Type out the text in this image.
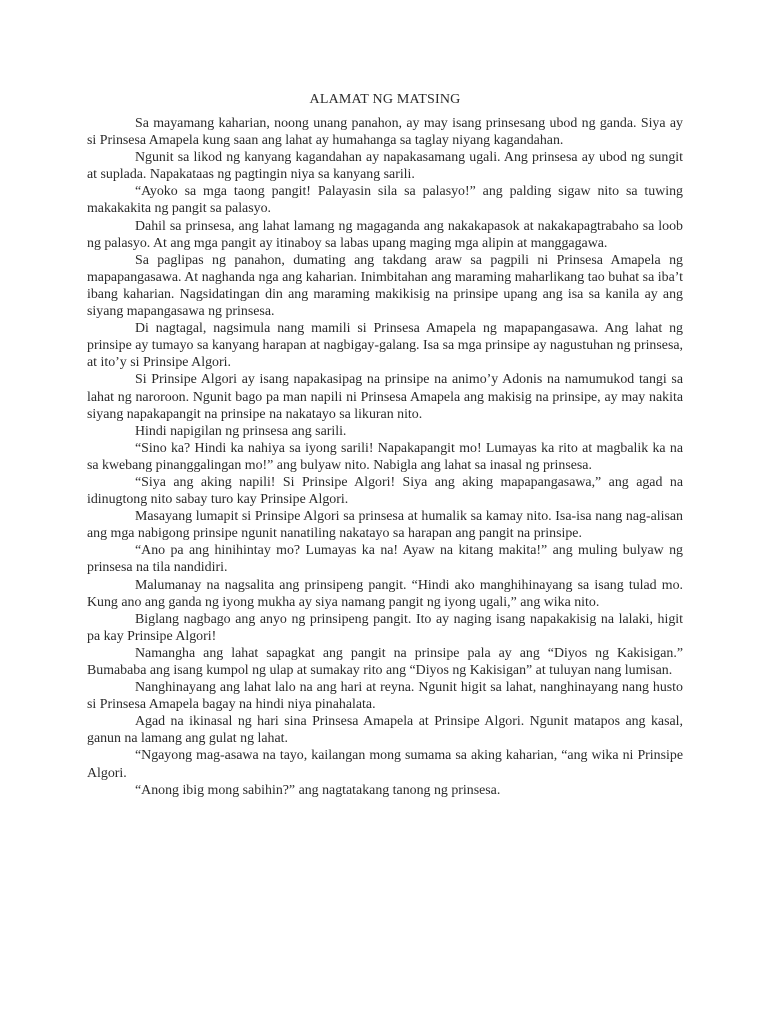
ALAMAT NG MATSING

Sa mayamang kaharian, noong unang panahon, ay may isang prinsesang ubod ng ganda. Siya ay si Prinsesa Amapela kung saan ang lahat ay humahanga sa taglay niyang kagandahan.

Ngunit sa likod ng kanyang kagandahan ay napakasamang ugali. Ang prinsesa ay ubod ng sungit at suplada. Napakataas ng pagtingin niya sa kanyang sarili.

“Ayoko sa mga taong pangit! Palayasin sila sa palasyo!” ang palding sigaw nito sa tuwing makakakita ng pangit sa palasyo.

Dahil sa prinsesa, ang lahat lamang ng magaganda ang nakakapasok at nakakapagtrabaho sa loob ng palasyo. At ang mga pangit ay itinaboy sa labas upang maging mga alipin at manggagawa.

Sa paglipas ng panahon, dumating ang takdang araw sa pagpili ni Prinsesa Amapela ng mapapangasawa. At naghanda nga ang kaharian. Inimbitahan ang maraming maharlikang tao buhat sa iba’t ibang kaharian. Nagsidatingan din ang maraming makikisig na prinsipe upang ang isa sa kanila ay ang siyang mapangasawa ng prinsesa.

Di nagtagal, nagsimula nang mamili si Prinsesa Amapela ng mapapangasawa. Ang lahat ng prinsipe ay tumayo sa kanyang harapan at nagbigay-galang. Isa sa mga prinsipe ay nagustuhan ng prinsesa, at ito’y si Prinsipe Algori.

Si Prinsipe Algori ay isang napakasipag na prinsipe na animo’y Adonis na namumukod tangi sa lahat ng naroroon. Ngunit bago pa man napili ni Prinsesa Amapela ang makisig na prinsipe, ay may nakita siyang napakapangit na prinsipe na nakatayo sa likuran nito.

Hindi napigilan ng prinsesa ang sarili.

“Sino ka? Hindi ka nahiya sa iyong sarili! Napakapangit mo! Lumayas ka rito at magbalik ka na sa kwebang pinanggalingan mo!” ang bulyaw nito. Nabigla ang lahat sa inasal ng prinsesa.

“Siya ang aking napili! Si Prinsipe Algori! Siya ang aking mapapangasawa,” ang agad na idinugtong nito sabay turo kay Prinsipe Algori.

Masayang lumapit si Prinsipe Algori sa prinsesa at humalik sa kamay nito. Isa-isa nang nag-alisan ang mga nabigong prinsipe ngunit nanatiling nakatayo sa harapan ang pangit na prinsipe.

“Ano pa ang hinihintay mo? Lumayas ka na! Ayaw na kitang makita!” ang muling bulyaw ng prinsesa na tila nandidiri.

Malumanay na nagsalita ang prinsipeng pangit. “Hindi ako manghihinayang sa isang tulad mo. Kung ano ang ganda ng iyong mukha ay siya namang pangit ng iyong ugali,” ang wika nito.

Biglang nagbago ang anyo ng prinsipeng pangit. Ito ay naging isang napakakisig na lalaki, higit pa kay Prinsipe Algori!

Namangha ang lahat sapagkat ang pangit na prinsipe pala ay ang “Diyos ng Kakisigan.” Bumababa ang isang kumpol ng ulap at sumakay rito ang “Diyos ng Kakisigan” at tuluyan nang lumisan.

Nanghinayang ang lahat lalo na ang hari at reyna. Ngunit higit sa lahat, nanghinayang nang husto si Prinsesa Amapela bagay na hindi niya pinahalata.

Agad na ikinasal ng hari sina Prinsesa Amapela at Prinsipe Algori. Ngunit matapos ang kasal, ganun na lamang ang gulat ng lahat.

“Ngayong mag-asawa na tayo, kailangan mong sumama sa aking kaharian, “ang wika ni Prinsipe Algori.

“Anong ibig mong sabihin?” ang nagtatakang tanong ng prinsesa.
